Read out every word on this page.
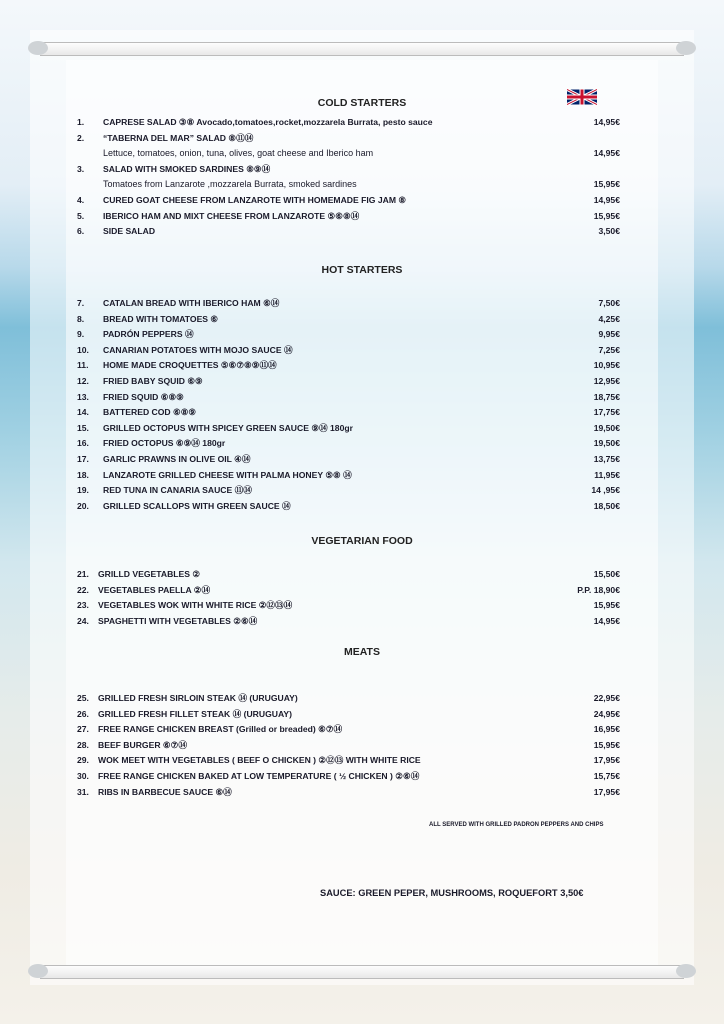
COLD STARTERS
1. CAPRESE SALAD ③⑧ Avocado,tomatoes,rocket,mozzarela Burrata, pesto sauce	14,95€
2. “TABERNA DEL MAR” SALAD ⑧⑪⑭
Lettuce, tomatoes, onion, tuna, olives, goat cheese and Iberico ham	14,95€
3. SALAD WITH SMOKED SARDINES ⑧⑨⑭
Tomatoes from Lanzarote ,mozzarela Burrata, smoked sardines	15,95€
4. CURED GOAT CHEESE FROM LANZAROTE WITH HOMEMADE FIG JAM ⑧	14,95€
5. IBERICO HAM AND MIXT CHEESE FROM LANZAROTE ⑤⑥⑧⑭	15,95€
6. SIDE SALAD	3,50€
HOT STARTERS
7. CATALAN BREAD WITH IBERICO HAM ⑥⑭	7,50€
8. BREAD WITH TOMATOES ⑥	4,25€
9. PADRÓN PEPPERS ⑭	9,95€
10. CANARIAN POTATOES WITH MOJO SAUCE ⑭	7,25€
11. HOME MADE CROQUETTES ⑤⑥⑦⑧⑨⑪⑭	10,95€
12. FRIED BABY SQUID ⑥⑨	12,95€
13. FRIED SQUID ⑥⑧⑨	18,75€
14. BATTERED COD ⑥⑧⑨	17,75€
15. GRILLED OCTOPUS WITH SPICEY GREEN SAUCE ⑨⑭ 180gr	19,50€
16. FRIED OCTOPUS ⑥⑨⑭ 180gr	19,50€
17. GARLIC PRAWNS IN OLIVE OIL ④⑭	13,75€
18. LANZAROTE GRILLED CHEESE WITH PALMA HONEY ⑤⑧ ⑭	11,95€
19. RED TUNA IN CANARIA SAUCE ⑪⑭	14 ,95€
20. GRILLED SCALLOPS WITH GREEN SAUCE ⑭	18,50€
VEGETARIAN FOOD
21. GRILLD VEGETABLES ②	15,50€
22. VEGETABLES PAELLA ②⑭	P.P. 18,90€
23. VEGETABLES WOK WITH WHITE RICE ②⑫⑬⑭	15,95€
24. SPAGHETTI WITH VEGETABLES ②⑥⑭	14,95€
MEATS
25. GRILLED FRESH SIRLOIN STEAK ⑭ (URUGUAY)	22,95€
26. GRILLED FRESH FILLET STEAK ⑭ (URUGUAY)	24,95€
27. FREE RANGE CHICKEN BREAST (Grilled or breaded) ⑥⑦⑭	16,95€
28. BEEF BURGER ⑥⑦⑭	15,95€
29. WOK MEET WITH VEGETABLES ( BEEF O CHICKEN ) ②⑫⑬ WITH WHITE RICE	17,95€
30. FREE RANGE CHICKEN BAKED AT LOW TEMPERATURE ( ½ CHICKEN ) ②⑥⑭	15,75€
31. RIBS IN BARBECUE SAUCE ⑥⑭	17,95€
ALL SERVED WITH GRILLED PADRON PEPPERS AND CHIPS
SAUCE: GREEN PEPER, MUSHROOMS, ROQUEFORT 3,50€
